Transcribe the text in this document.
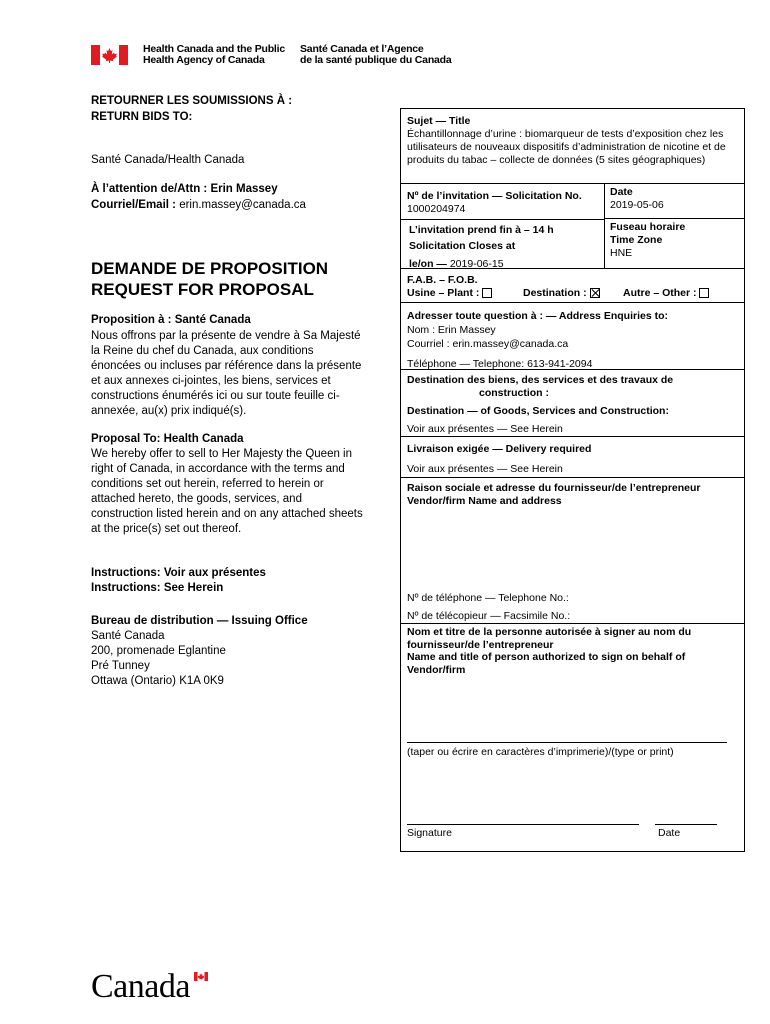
Health Canada and the Public
Health Agency of Canada
Santé Canada et l’Agence
de la santé publique du Canada
RETOURNER LES SOUMISSIONS À :
RETURN BIDS TO:
Santé Canada/Health Canada
À l’attention de/Attn : Erin Massey
Courriel/Email : erin.massey@canada.ca
DEMANDE DE PROPOSITION
REQUEST FOR PROPOSAL
Proposition à : Santé Canada
Nous offrons par la présente de vendre à Sa Majesté la Reine du chef du Canada, aux conditions énoncées ou incluses par référence dans la présente et aux annexes ci-jointes, les biens, services et constructions énumérés ici ou sur toute feuille ci-annexée, au(x) prix indiqué(s).
Proposal To: Health Canada
We hereby offer to sell to Her Majesty the Queen in right of Canada, in accordance with the terms and conditions set out herein, referred to herein or attached hereto, the goods, services, and construction listed herein and on any attached sheets at the price(s) set out thereof.
Instructions: Voir aux présentes
Instructions: See Herein
Bureau de distribution — Issuing Office
Santé Canada
200, promenade Eglantine
Pré Tunney
Ottawa (Ontario) K1A 0K9
Sujet — Title
Échantillonnage d’urine : biomarqueur de tests d’exposition chez les utilisateurs de nouveaux dispositifs d’administration de nicotine et de produits du tabac – collecte de données (5 sites géographiques)
Nº de l’invitation — Solicitation No.
1000204974
Date
2019-05-06
L’invitation prend fin à – 14 h
Solicitation Closes at
le/on — 2019-06-15
Fuseau horaire
Time Zone
HNE
F.A.B. – F.O.B.
Usine – Plant :	Destination :	Autre – Other :
Adresser toute question à : — Address Enquiries to:
Nom : Erin Massey
Courriel : erin.massey@canada.ca
Téléphone — Telephone: 613-941-2094
Destination des biens, des services et des travaux de
construction :
Destination — of Goods, Services and Construction:
Voir aux présentes — See Herein
Livraison exigée — Delivery required
Voir aux présentes — See Herein
Raison sociale et adresse du fournisseur/de l’entrepreneur
Vendor/firm Name and address
Nº de téléphone — Telephone No.:
Nº de télécopieur — Facsimile No.:
Nom et titre de la personne autorisée à signer au nom du
fournisseur/de l’entrepreneur
Name and title of person authorized to sign on behalf of
Vendor/firm
(taper ou écrire en caractères d’imprimerie)/(type or print)
Signature	Date
Canada
